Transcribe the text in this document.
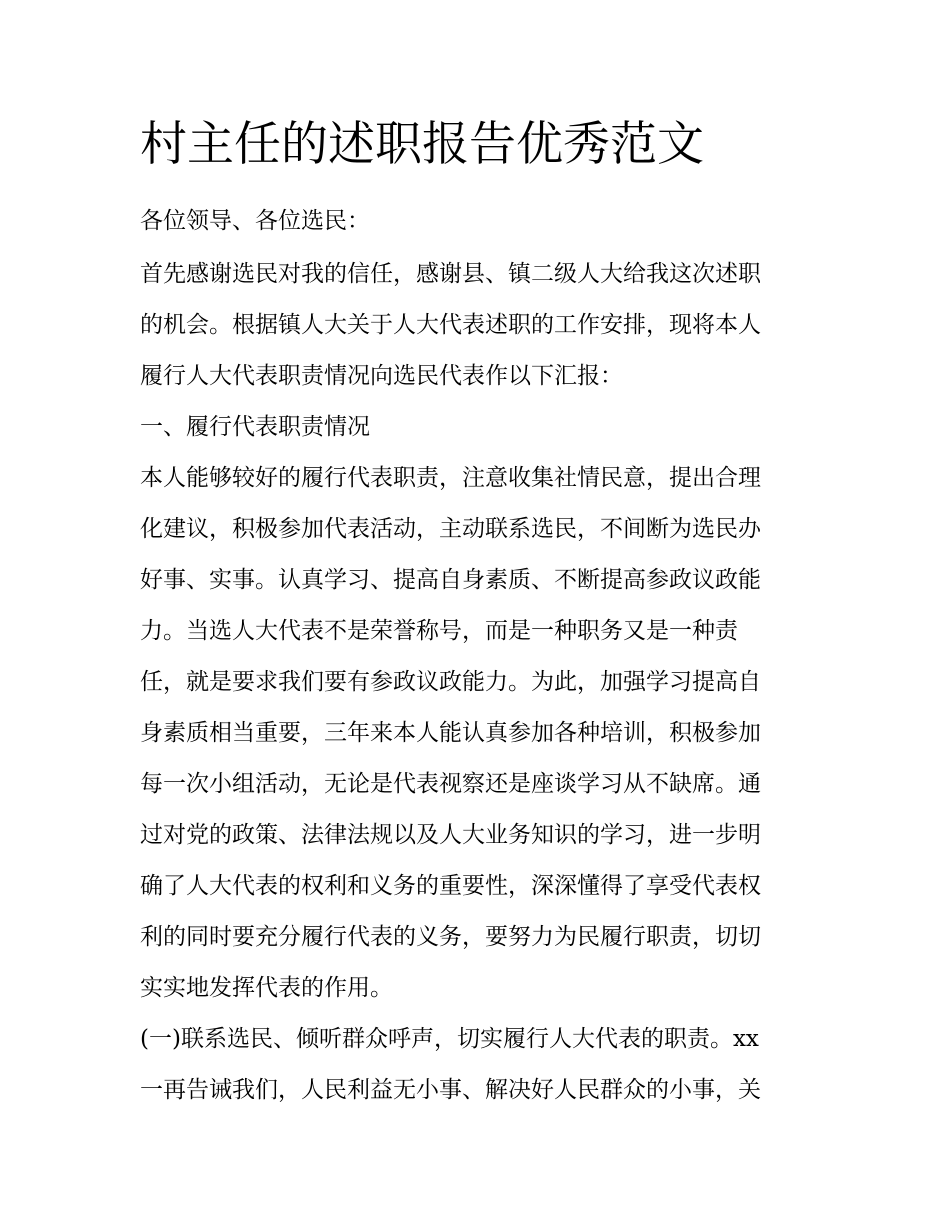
村主任的述职报告优秀范文

各位领导、各位选民：

首先感谢选民对我的信任，感谢县、镇二级人大给我这次述职

的机会。根据镇人大关于人大代表述职的工作安排，现将本人

履行人大代表职责情况向选民代表作以下汇报：

一、履行代表职责情况

本人能够较好的履行代表职责，注意收集社情民意，提出合理

化建议，积极参加代表活动，主动联系选民，不间断为选民办

好事、实事。认真学习、提高自身素质、不断提高参政议政能

力。当选人大代表不是荣誉称号，而是一种职务又是一种责

任，就是要求我们要有参政议政能力。为此，加强学习提高自

身素质相当重要，三年来本人能认真参加各种培训，积极参加

每一次小组活动，无论是代表视察还是座谈学习从不缺席。通

过对党的政策、法律法规以及人大业务知识的学习，进一步明

确了人大代表的权利和义务的重要性，深深懂得了享受代表权

利的同时要充分履行代表的义务，要努力为民履行职责，切切

实实地发挥代表的作用。

(一)联系选民、倾听群众呼声，切实履行人大代表的职责。xx

一再告诫我们，人民利益无小事、解决好人民群众的小事，关
